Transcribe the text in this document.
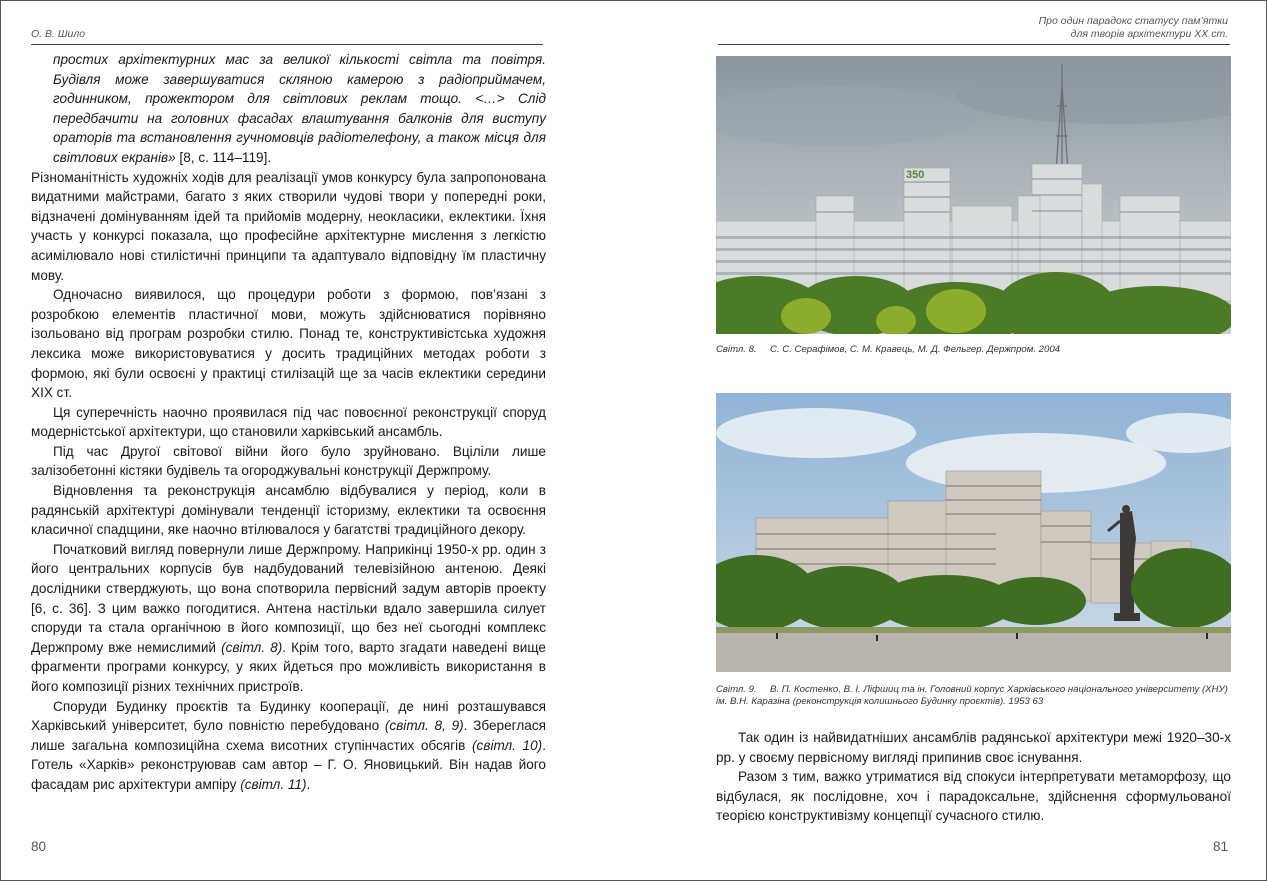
О. В. Шило

простих архітектурних мас за великої кількості світла та повітря. Будівля може завершуватися скляною камерою з радіоприймачем, годинником, прожектором для світлових реклам тощо. <…> Слід передбачити на головних фасадах влаштування балконів для виступу ораторів та встановлення гучномовців радіотелефону, а також місця для світлових екранів» [8, с. 114–119].

Різноманітність художніх ходів для реалізації умов конкурсу була запропонована видатними майстрами, багато з яких створили чудові твори у попередні роки, відзначені домінуванням ідей та прийомів модерну, неокласики, еклектики. Їхня участь у конкурсі показала, що професійне архітектурне мислення з легкістю асимілювало нові стилістичні принципи та адаптувало відповідну їм пластичну мову.

Одночасно виявилося, що процедури роботи з формою, пов’язані з розробкою елементів пластичної мови, можуть здійснюватися порівняно ізольовано від програм розробки стилю. Понад те, конструктивістська художня лексика може використовуватися у досить традиційних методах роботи з формою, які були освоєні у практиці стилізацій ще за часів еклектики середини ХІХ ст.

Ця суперечність наочно проявилася під час повоєнної реконструкції споруд модерністської архітектури, що становили харківський ансамбль.

Під час Другої світової війни його було зруйновано. Вціліли лише залізобетонні кістяки будівель та огороджувальні конструкції Держпрому.

Відновлення та реконструкція ансамблю відбувалися у період, коли в радянській архітектурі домінували тенденції історизму, еклектики та освоєння класичної спадщини, яке наочно втілювалося у багатстві традиційного декору.

Початковий вигляд повернули лише Держпрому. Наприкінці 1950-х рр. один з його центральних корпусів був надбудований телевізійною антеною. Деякі дослідники стверджують, що вона спотворила первісний задум авторів проекту [6, с. 36]. З цим важко погодитися. Антена настільки вдало завершила силует споруди та стала органічною в його композиції, що без неї сьогодні комплекс Держпрому вже немислимий (світл. 8). Крім того, варто згадати наведені вище фрагменти програми конкурсу, у яких йдеться про можливість використання в його композиції різних технічних пристроїв.

Споруди Будинку проєктів та Будинку кооперації, де нині розташувався Харківський університет, було повністю перебудовано (світл. 8, 9). Збереглася лише загальна композиційна схема висотних ступінчастих обсягів (світл. 10). Готель «Харків» реконструював сам автор – Г. О. Яновицький. Він надав його фасадам рис архітектури ампіру (світл. 11).

80
Про один парадокс статусу пам’ятки
для творів архітектури ХХ ст.
350
Світл. 8. С. С. Серафімов, С. М. Кравець, М. Д. Фельгер. Держпром. 2004
Світл. 9. В. П. Костенко, В. І. Ліфшиц та ін. Головний корпус Харківського національного університету (ХНУ) ім. В.Н. Каразіна (реконструкція колишнього Будинку проєктів). 1953 63

Так один із найвидатніших ансамблів радянської архітектури межі 1920–30-х рр. у своєму первісному вигляді припинив своє існування.

Разом з тим, важко утриматися від спокуси інтерпретувати метаморфозу, що відбулася, як послідовне, хоч і парадоксальне, здійснення сформульованої теорією конструктивізму концепції сучасного стилю.

81
